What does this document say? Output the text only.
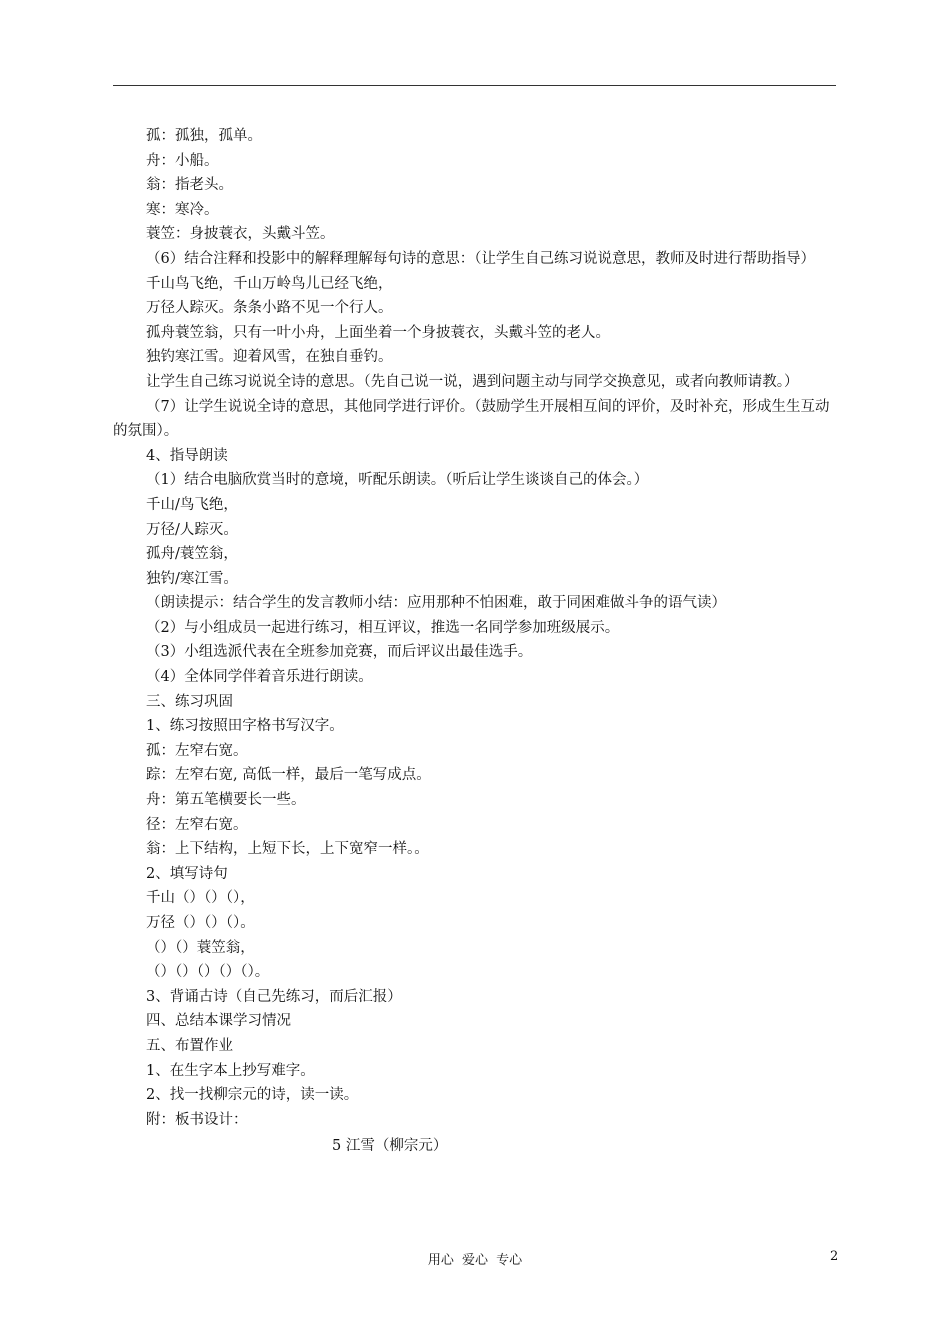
孤：孤独，孤单。

舟：小船。

翁：指老头。

寒：寒冷。

蓑笠：身披蓑衣，头戴斗笠。

（6）结合注释和投影中的解释理解每句诗的意思：（让学生自己练习说说意思，教师及时进行帮助指导）

千山鸟飞绝，千山万岭鸟儿已经飞绝，

万径人踪灭。条条小路不见一个行人。

孤舟蓑笠翁，只有一叶小舟，上面坐着一个身披蓑衣，头戴斗笠的老人。

独钓寒江雪。迎着风雪，在独自垂钓。

让学生自己练习说说全诗的意思。（先自己说一说，遇到问题主动与同学交换意见，或者向教师请教。）

（7）让学生说说全诗的意思，其他同学进行评价。（鼓励学生开展相互间的评价，及时补充，形成生生互动的氛围）。

4、指导朗读

（1）结合电脑欣赏当时的意境，听配乐朗读。（听后让学生谈谈自己的体会。）

千山/鸟飞绝，

万径/人踪灭。

孤舟/蓑笠翁，

独钓/寒江雪。

（朗读提示：结合学生的发言教师小结：应用那种不怕困难，敢于同困难做斗争的语气读）

（2）与小组成员一起进行练习，相互评议，推选一名同学参加班级展示。

（3）小组选派代表在全班参加竞赛，而后评议出最佳选手。

（4）全体同学伴着音乐进行朗读。

三、练习巩固

1、练习按照田字格书写汉字。

孤：左窄右宽。

踪：左窄右宽, 高低一样，最后一笔写成点。

舟：第五笔横要长一些。

径：左窄右宽。

翁：上下结构，上短下长，上下宽窄一样。。

2、填写诗句

千山（）（）（），

万径（）（）（）。

（）（）蓑笠翁，

（）（）（）（）（）。

3、背诵古诗（自己先练习，而后汇报）

四、总结本课学习情况

五、布置作业

1、在生字本上抄写难字。

2、找一找柳宗元的诗，读一读。

附：板书设计：

5 江雪（柳宗元）

用心 爱心 专心	2
